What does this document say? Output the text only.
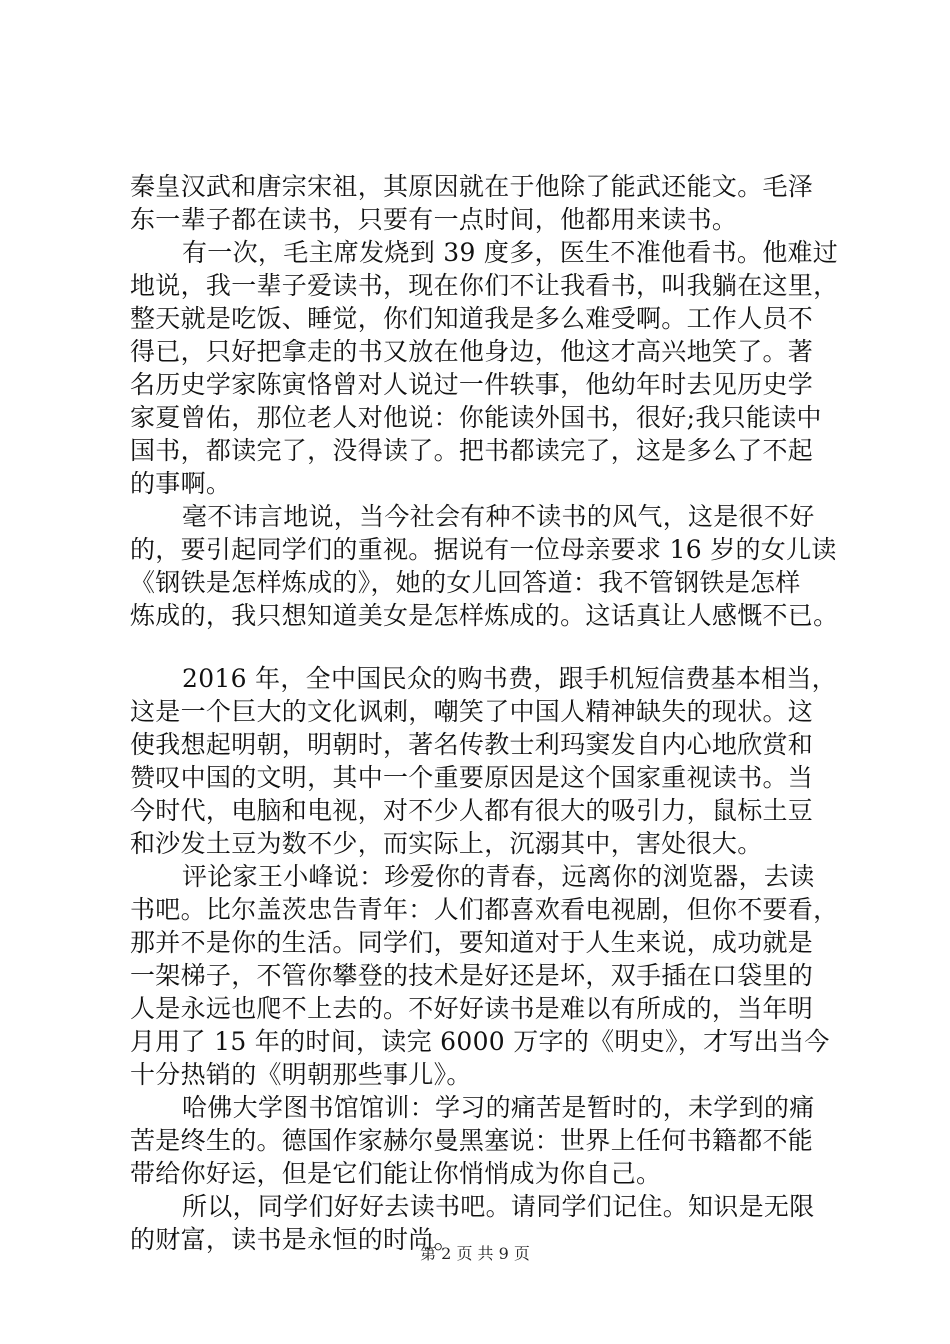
秦皇汉武和唐宗宋祖，其原因就在于他除了能武还能文。毛泽
东一辈子都在读书，只要有一点时间，他都用来读书。
有一次，毛主席发烧到 39 度多，医生不准他看书。他难过
地说，我一辈子爱读书，现在你们不让我看书，叫我躺在这里，
整天就是吃饭、睡觉，你们知道我是多么难受啊。工作人员不
得已，只好把拿走的书又放在他身边，他这才高兴地笑了。著
名历史学家陈寅恪曾对人说过一件轶事，他幼年时去见历史学
家夏曾佑，那位老人对他说：你能读外国书，很好;我只能读中
国书，都读完了，没得读了。把书都读完了，这是多么了不起
的事啊。
毫不讳言地说，当今社会有种不读书的风气，这是很不好
的，要引起同学们的重视。据说有一位母亲要求 16 岁的女儿读
《钢铁是怎样炼成的》，她的女儿回答道：我不管钢铁是怎样
炼成的，我只想知道美女是怎样炼成的。这话真让人感慨不已。
2016 年，全中国民众的购书费，跟手机短信费基本相当，
这是一个巨大的文化讽刺，嘲笑了中国人精神缺失的现状。这
使我想起明朝，明朝时，著名传教士利玛窦发自内心地欣赏和
赞叹中国的文明，其中一个重要原因是这个国家重视读书。当
今时代，电脑和电视，对不少人都有很大的吸引力，鼠标土豆
和沙发土豆为数不少，而实际上，沉溺其中，害处很大。
评论家王小峰说：珍爱你的青春，远离你的浏览器，去读
书吧。比尔盖茨忠告青年：人们都喜欢看电视剧，但你不要看，
那并不是你的生活。同学们，要知道对于人生来说，成功就是
一架梯子，不管你攀登的技术是好还是坏，双手插在口袋里的
人是永远也爬不上去的。不好好读书是难以有所成的，当年明
月用了 15 年的时间，读完 6000 万字的《明史》，才写出当今
十分热销的《明朝那些事儿》。
哈佛大学图书馆馆训：学习的痛苦是暂时的，未学到的痛
苦是终生的。德国作家赫尔曼黑塞说：世界上任何书籍都不能
带给你好运，但是它们能让你悄悄成为你自己。
所以，同学们好好去读书吧。请同学们记住。知识是无限
的财富，读书是永恒的时尚。
第 2 页 共 9 页
